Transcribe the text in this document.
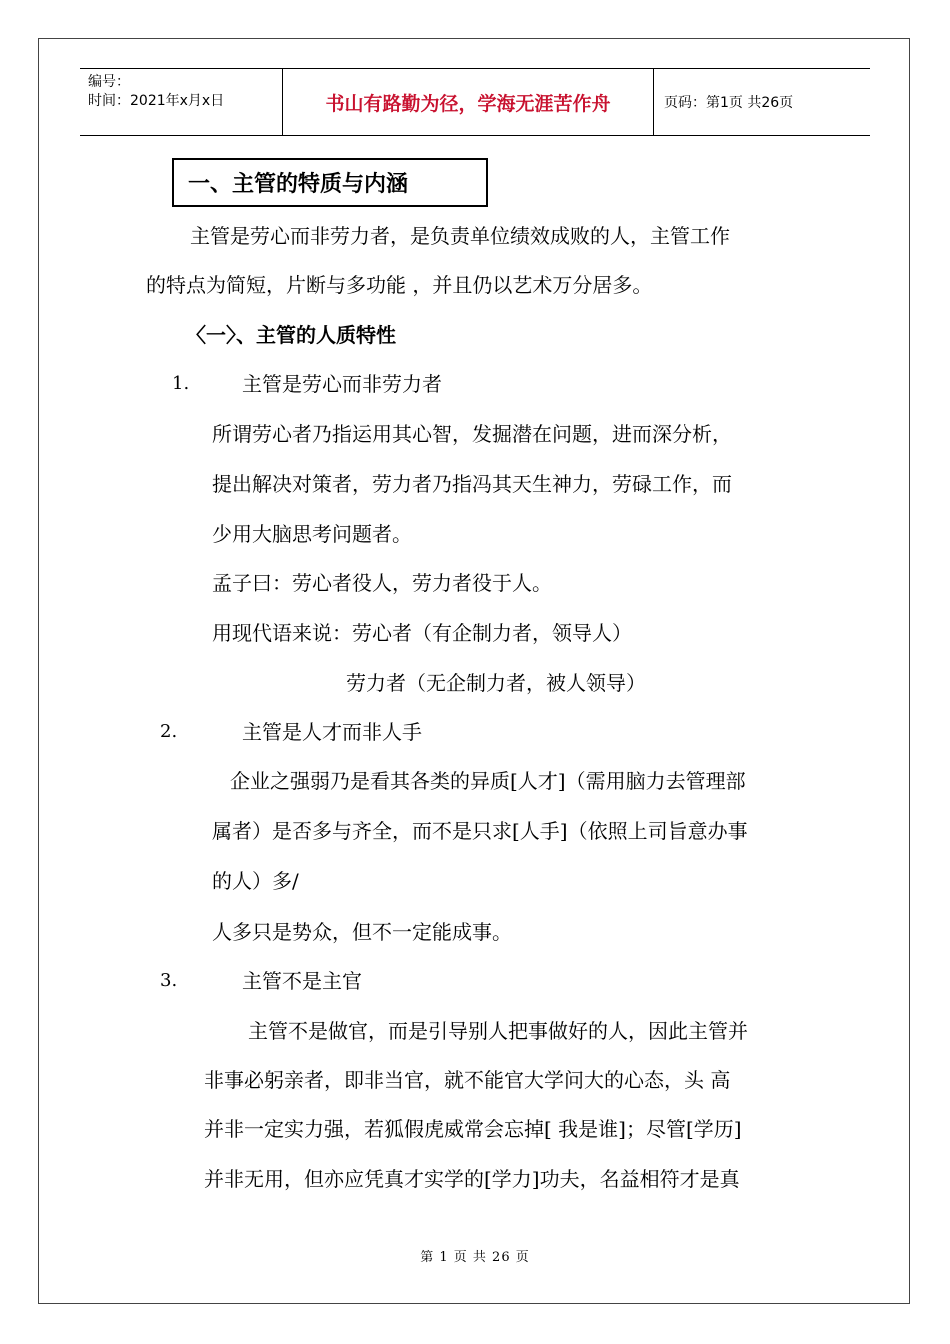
编号：
时间：2021年x月x日	书山有路勤为径，学海无涯苦作舟	页码：第1页 共26页
一、主管的特质与内涵
主管是劳心而非劳力者，是负责单位绩效成败的人，主管工作
的特点为简短，片断与多功能 ，并且仍以艺术万分居多。
〈一〉、主管的人质特性
1.	主管是劳心而非劳力者
所谓劳心者乃指运用其心智，发掘潜在问题，进而深分析，
提出解决对策者，劳力者乃指冯其天生神力，劳碌工作，而
少用大脑思考问题者。
孟子曰：劳心者役人，劳力者役于人。
用现代语来说：劳心者（有企制力者，领导人）
劳力者（无企制力者，被人领导）
2.	主管是人才而非人手
企业之强弱乃是看其各类的异质[人才]（需用脑力去管理部
属者）是否多与齐全，而不是只求[人手]（依照上司旨意办事
的人）多/
人多只是势众，但不一定能成事。
3.	主管不是主官
主管不是做官，而是引导别人把事做好的人，因此主管并
非事必躬亲者，即非当官，就不能官大学问大的心态，头 高
并非一定实力强，若狐假虎威常会忘掉[ 我是谁]；尽管[学历]
并非无用，但亦应凭真才实学的[学力]功夫，名益相符才是真
第 1 页 共 26 页
